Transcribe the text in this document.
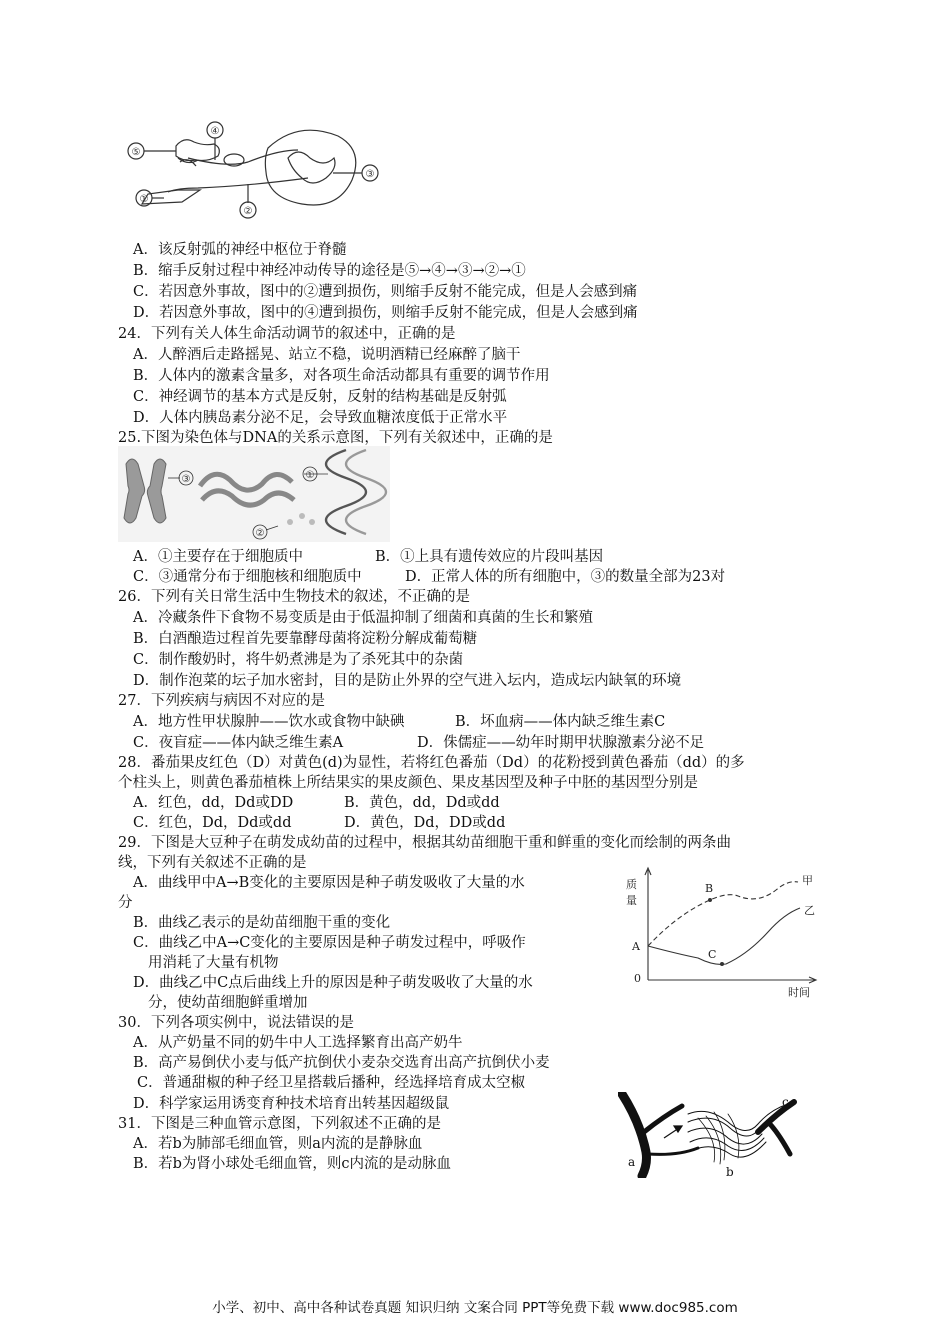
⑤
④
③
②
①
A．该反射弧的神经中枢位于脊髓
B．缩手反射过程中神经冲动传导的途径是⑤→④→③→②→①
C．若因意外事故，图中的②遭到损伤，则缩手反射不能完成，但是人会感到痛
D．若因意外事故，图中的④遭到损伤，则缩手反射不能完成，但是人会感到痛
24．下列有关人体生命活动调节的叙述中，正确的是
A．人醉酒后走路摇晃、站立不稳，说明酒精已经麻醉了脑干
B．人体内的激素含量多，对各项生命活动都具有重要的调节作用
C．神经调节的基本方式是反射，反射的结构基础是反射弧
D．人体内胰岛素分泌不足，会导致血糖浓度低于正常水平
25.下图为染色体与DNA的关系示意图，下列有关叙述中，正确的是
③	①
②
A．①主要存在于细胞质中	B．①上具有遗传效应的片段叫基因
C．③通常分布于细胞核和细胞质中	D．正常人体的所有细胞中，③的数量全部为23对
26．下列有关日常生活中生物技术的叙述，不正确的是
A．冷藏条件下食物不易变质是由于低温抑制了细菌和真菌的生长和繁殖
B．白酒酿造过程首先要靠酵母菌将淀粉分解成葡萄糖
C．制作酸奶时，将牛奶煮沸是为了杀死其中的杂菌
D．制作泡菜的坛子加水密封，目的是防止外界的空气进入坛内，造成坛内缺氧的环境
27．下列疾病与病因不对应的是
A．地方性甲状腺肿——饮水或食物中缺碘	B．坏血病——体内缺乏维生素C
C．夜盲症——体内缺乏维生素A	D．侏儒症——幼年时期甲状腺激素分泌不足
28．番茄果皮红色（D）对黄色(d)为显性，若将红色番茄（Dd）的花粉授到黄色番茄（dd）的多
个柱头上，则黄色番茄植株上所结果实的果皮颜色、果皮基因型及种子中胚的基因型分别是
A．红色，dd，Dd或DD	B．黄色，dd，Dd或dd
C．红色，Dd，Dd或dd	D．黄色，Dd，DD或dd
29．下图是大豆种子在萌发成幼苗的过程中，根据其幼苗细胞干重和鲜重的变化而绘制的两条曲
线，下列有关叙述不正确的是
A．曲线甲中A→B变化的主要原因是种子萌发吸收了大量的水
分
B．曲线乙表示的是幼苗细胞干重的变化
C．曲线乙中A→C变化的主要原因是种子萌发过程中，呼吸作
用消耗了大量有机物
D．曲线乙中C点后曲线上升的原因是种子萌发吸收了大量的水
分，使幼苗细胞鲜重增加
质
量
A
0
B
C
甲
乙
时间
30．下列各项实例中，说法错误的是
A．从产奶量不同的奶牛中人工选择繁育出高产奶牛
B．高产易倒伏小麦与低产抗倒伏小麦杂交选育出高产抗倒伏小麦
C．普通甜椒的种子经卫星搭载后播种，经选择培育成太空椒
D．科学家运用诱变育种技术培育出转基因超级鼠
31．下图是三种血管示意图，下列叙述不正确的是
A．若b为肺部毛细血管，则a内流的是静脉血
B．若b为肾小球处毛细血管，则c内流的是动脉血	a
b
c
小学、初中、高中各种试卷真题 知识归纳 文案合同 PPT等免费下载 www.doc985.com
